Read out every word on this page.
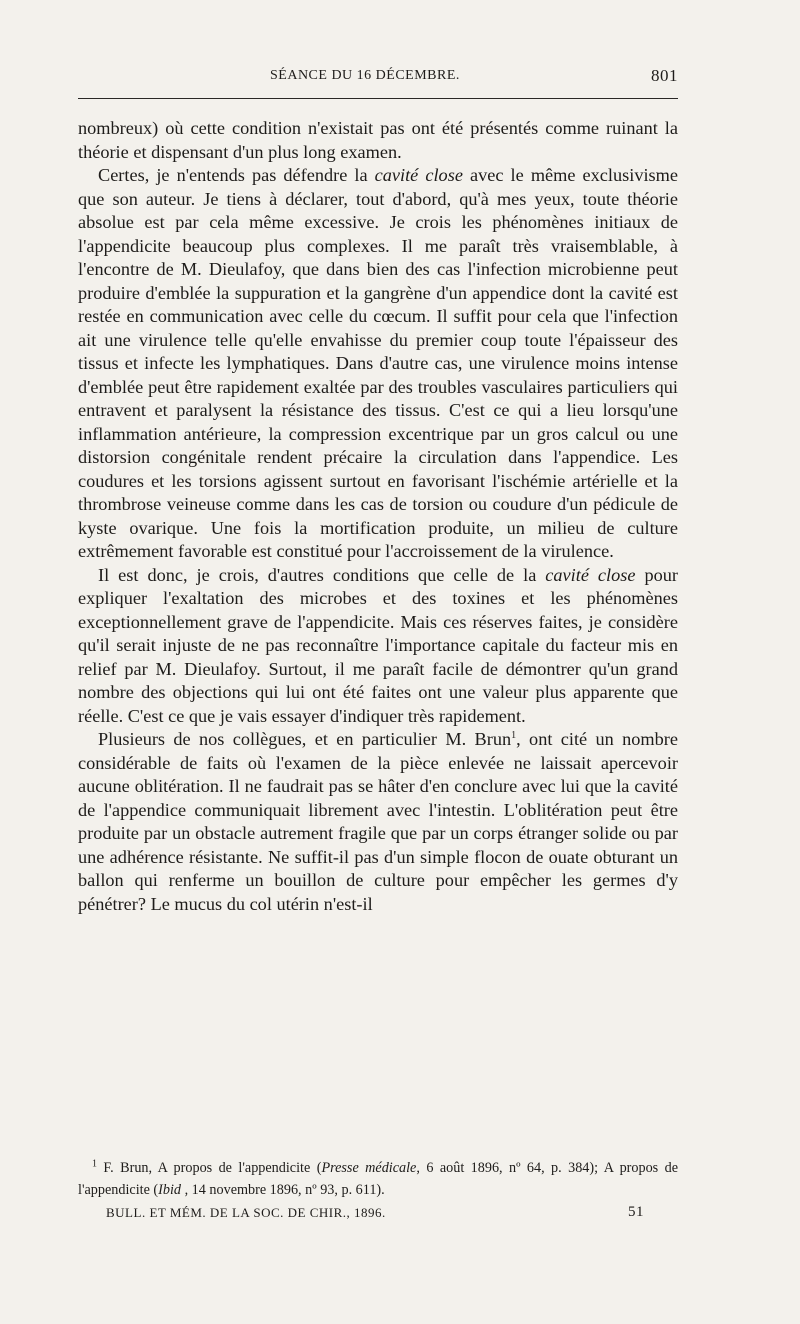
SÉANCE DU 16 DÉCEMBRE.	801

nombreux) où cette condition n'existait pas ont été présentés comme ruinant la théorie et dispensant d'un plus long examen.

Certes, je n'entends pas défendre la cavité close avec le même exclusivisme que son auteur. Je tiens à déclarer, tout d'abord, qu'à mes yeux, toute théorie absolue est par cela même excessive. Je crois les phénomènes initiaux de l'appendicite beaucoup plus complexes. Il me paraît très vraisemblable, à l'encontre de M. Dieulafoy, que dans bien des cas l'infection microbienne peut produire d'emblée la suppuration et la gangrène d'un appendice dont la cavité est restée en communication avec celle du cœcum. Il suffit pour cela que l'infection ait une virulence telle qu'elle envahisse du premier coup toute l'épaisseur des tissus et infecte les lymphatiques. Dans d'autre cas, une virulence moins intense d'emblée peut être rapidement exaltée par des troubles vasculaires particuliers qui entravent et paralysent la résistance des tissus. C'est ce qui a lieu lorsqu'une inflammation antérieure, la compression excentrique par un gros calcul ou une distorsion congénitale rendent précaire la circulation dans l'appendice. Les coudures et les torsions agissent surtout en favorisant l'ischémie artérielle et la thrombrose veineuse comme dans les cas de torsion ou coudure d'un pédicule de kyste ovarique. Une fois la mortification produite, un milieu de culture extrêmement favorable est constitué pour l'accroissement de la virulence.

Il est donc, je crois, d'autres conditions que celle de la cavité close pour expliquer l'exaltation des microbes et des toxines et les phénomènes exceptionnellement grave de l'appendicite. Mais ces réserves faites, je considère qu'il serait injuste de ne pas reconnaître l'importance capitale du facteur mis en relief par M. Dieulafoy. Surtout, il me paraît facile de démontrer qu'un grand nombre des objections qui lui ont été faites ont une valeur plus apparente que réelle. C'est ce que je vais essayer d'indiquer très rapidement.

Plusieurs de nos collègues, et en particulier M. Brun$^1$, ont cité un nombre considérable de faits où l'examen de la pièce enlevée ne laissait apercevoir aucune oblitération. Il ne faudrait pas se hâter d'en conclure avec lui que la cavité de l'appendice communiquait librement avec l'intestin. L'oblitération peut être produite par un obstacle autrement fragile que par un corps étranger solide ou par une adhérence résistante. Ne suffit-il pas d'un simple flocon de ouate obturant un ballon qui renferme un bouillon de culture pour empêcher les germes d'y pénétrer? Le mucus du col utérin n'est-il

$^1$ F. Brun, A propos de l'appendicite (Presse médicale, 6 août 1896, nº 64, p. 384); A propos de l'appendicite (Ibid , 14 novembre 1896, nº 93, p. 611).

BULL. ET MÉM. DE LA SOC. DE CHIR., 1896.	51
